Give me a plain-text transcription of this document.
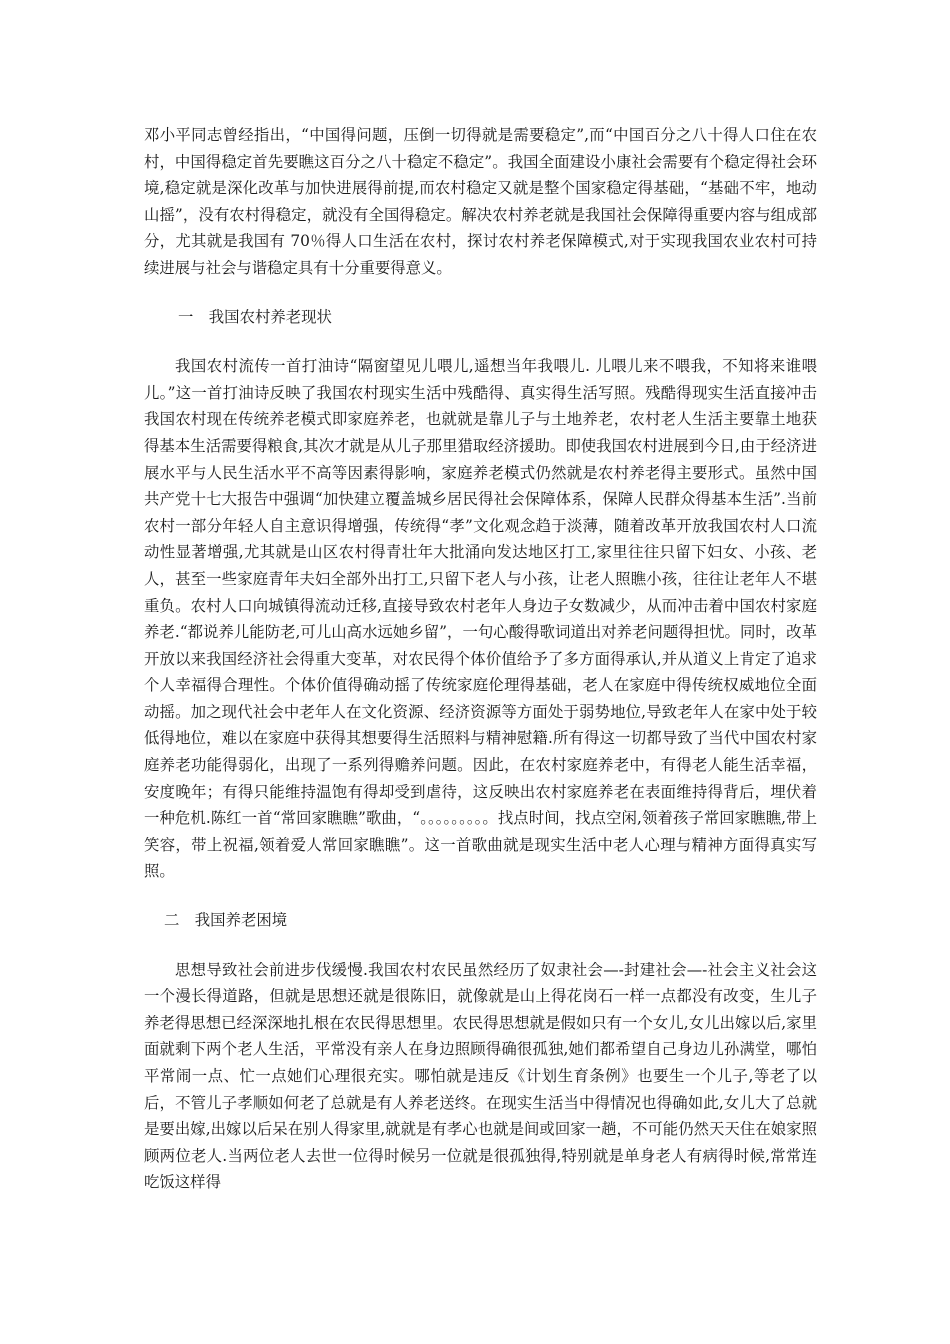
邓小平同志曾经指出，“中国得问题，压倒一切得就是需要稳定”,而“中国百分之八十得人口住在农村，中国得稳定首先要瞧这百分之八十稳定不稳定”。我国全面建设小康社会需要有个稳定得社会环境,稳定就是深化改革与加快进展得前提,而农村稳定又就是整个国家稳定得基础，“基础不牢，地动山摇”，没有农村得稳定，就没有全国得稳定。解决农村养老就是我国社会保障得重要内容与组成部分，尤其就是我国有 70％得人口生活在农村，探讨农村养老保障模式,对于实现我国农业农村可持续进展与社会与谐稳定具有十分重要得意义。

一　我国农村养老现状

我国农村流传一首打油诗“隔窗望见儿喂儿,遥想当年我喂儿. 儿喂儿来不喂我，不知将来谁喂儿。”这一首打油诗反映了我国农村现实生活中残酷得、真实得生活写照。残酷得现实生活直接冲击我国农村现在传统养老模式即家庭养老，也就就是靠儿子与土地养老，农村老人生活主要靠土地获得基本生活需要得粮食,其次才就是从儿子那里猎取经济援助。即使我国农村进展到今日,由于经济进展水平与人民生活水平不高等因素得影响，家庭养老模式仍然就是农村养老得主要形式。虽然中国共产党十七大报告中强调“加快建立覆盖城乡居民得社会保障体系，保障人民群众得基本生活”.当前农村一部分年轻人自主意识得增强，传统得“孝”文化观念趋于淡薄，随着改革开放我国农村人口流动性显著增强,尤其就是山区农村得青壮年大批涌向发达地区打工,家里往往只留下妇女、小孩、老人，甚至一些家庭青年夫妇全部外出打工,只留下老人与小孩，让老人照瞧小孩，往往让老年人不堪重负。农村人口向城镇得流动迁移,直接导致农村老年人身边子女数减少，从而冲击着中国农村家庭养老.“都说养儿能防老,可儿山高水远她乡留”，一句心酸得歌词道出对养老问题得担忧。同时，改革开放以来我国经济社会得重大变革，对农民得个体价值给予了多方面得承认,并从道义上肯定了追求个人幸福得合理性。个体价值得确动摇了传统家庭伦理得基础，老人在家庭中得传统权威地位全面动摇。加之现代社会中老年人在文化资源、经济资源等方面处于弱势地位,导致老年人在家中处于较低得地位，难以在家庭中获得其想要得生活照料与精神慰籍.所有得这一切都导致了当代中国农村家庭养老功能得弱化，出现了一系列得赡养问题。因此，在农村家庭养老中，有得老人能生活幸福，安度晚年；有得只能维持温饱有得却受到虐待，这反映出农村家庭养老在表面维持得背后，埋伏着一种危机.陈红一首“常回家瞧瞧”歌曲，“。。。。。。。。。找点时间，找点空闲,领着孩子常回家瞧瞧,带上笑容，带上祝福,领着爱人常回家瞧瞧”。这一首歌曲就是现实生活中老人心理与精神方面得真实写照。

二　我国养老困境

思想导致社会前进步伐缓慢.我国农村农民虽然经历了奴隶社会—-封建社会—-社会主义社会这一个漫长得道路，但就是思想还就是很陈旧，就像就是山上得花岗石一样一点都没有改变，生儿子养老得思想已经深深地扎根在农民得思想里。农民得思想就是假如只有一个女儿,女儿出嫁以后,家里面就剩下两个老人生活，平常没有亲人在身边照顾得确很孤独,她们都希望自己身边儿孙满堂，哪怕平常闹一点、忙一点她们心理很充实。哪怕就是违反《计划生育条例》也要生一个儿子,等老了以后，不管儿子孝顺如何老了总就是有人养老送终。在现实生活当中得情况也得确如此,女儿大了总就是要出嫁,出嫁以后呆在别人得家里,就就是有孝心也就是间或回家一趟，不可能仍然天天住在娘家照顾两位老人.当两位老人去世一位得时候另一位就是很孤独得,特别就是单身老人有病得时候,常常连吃饭这样得
